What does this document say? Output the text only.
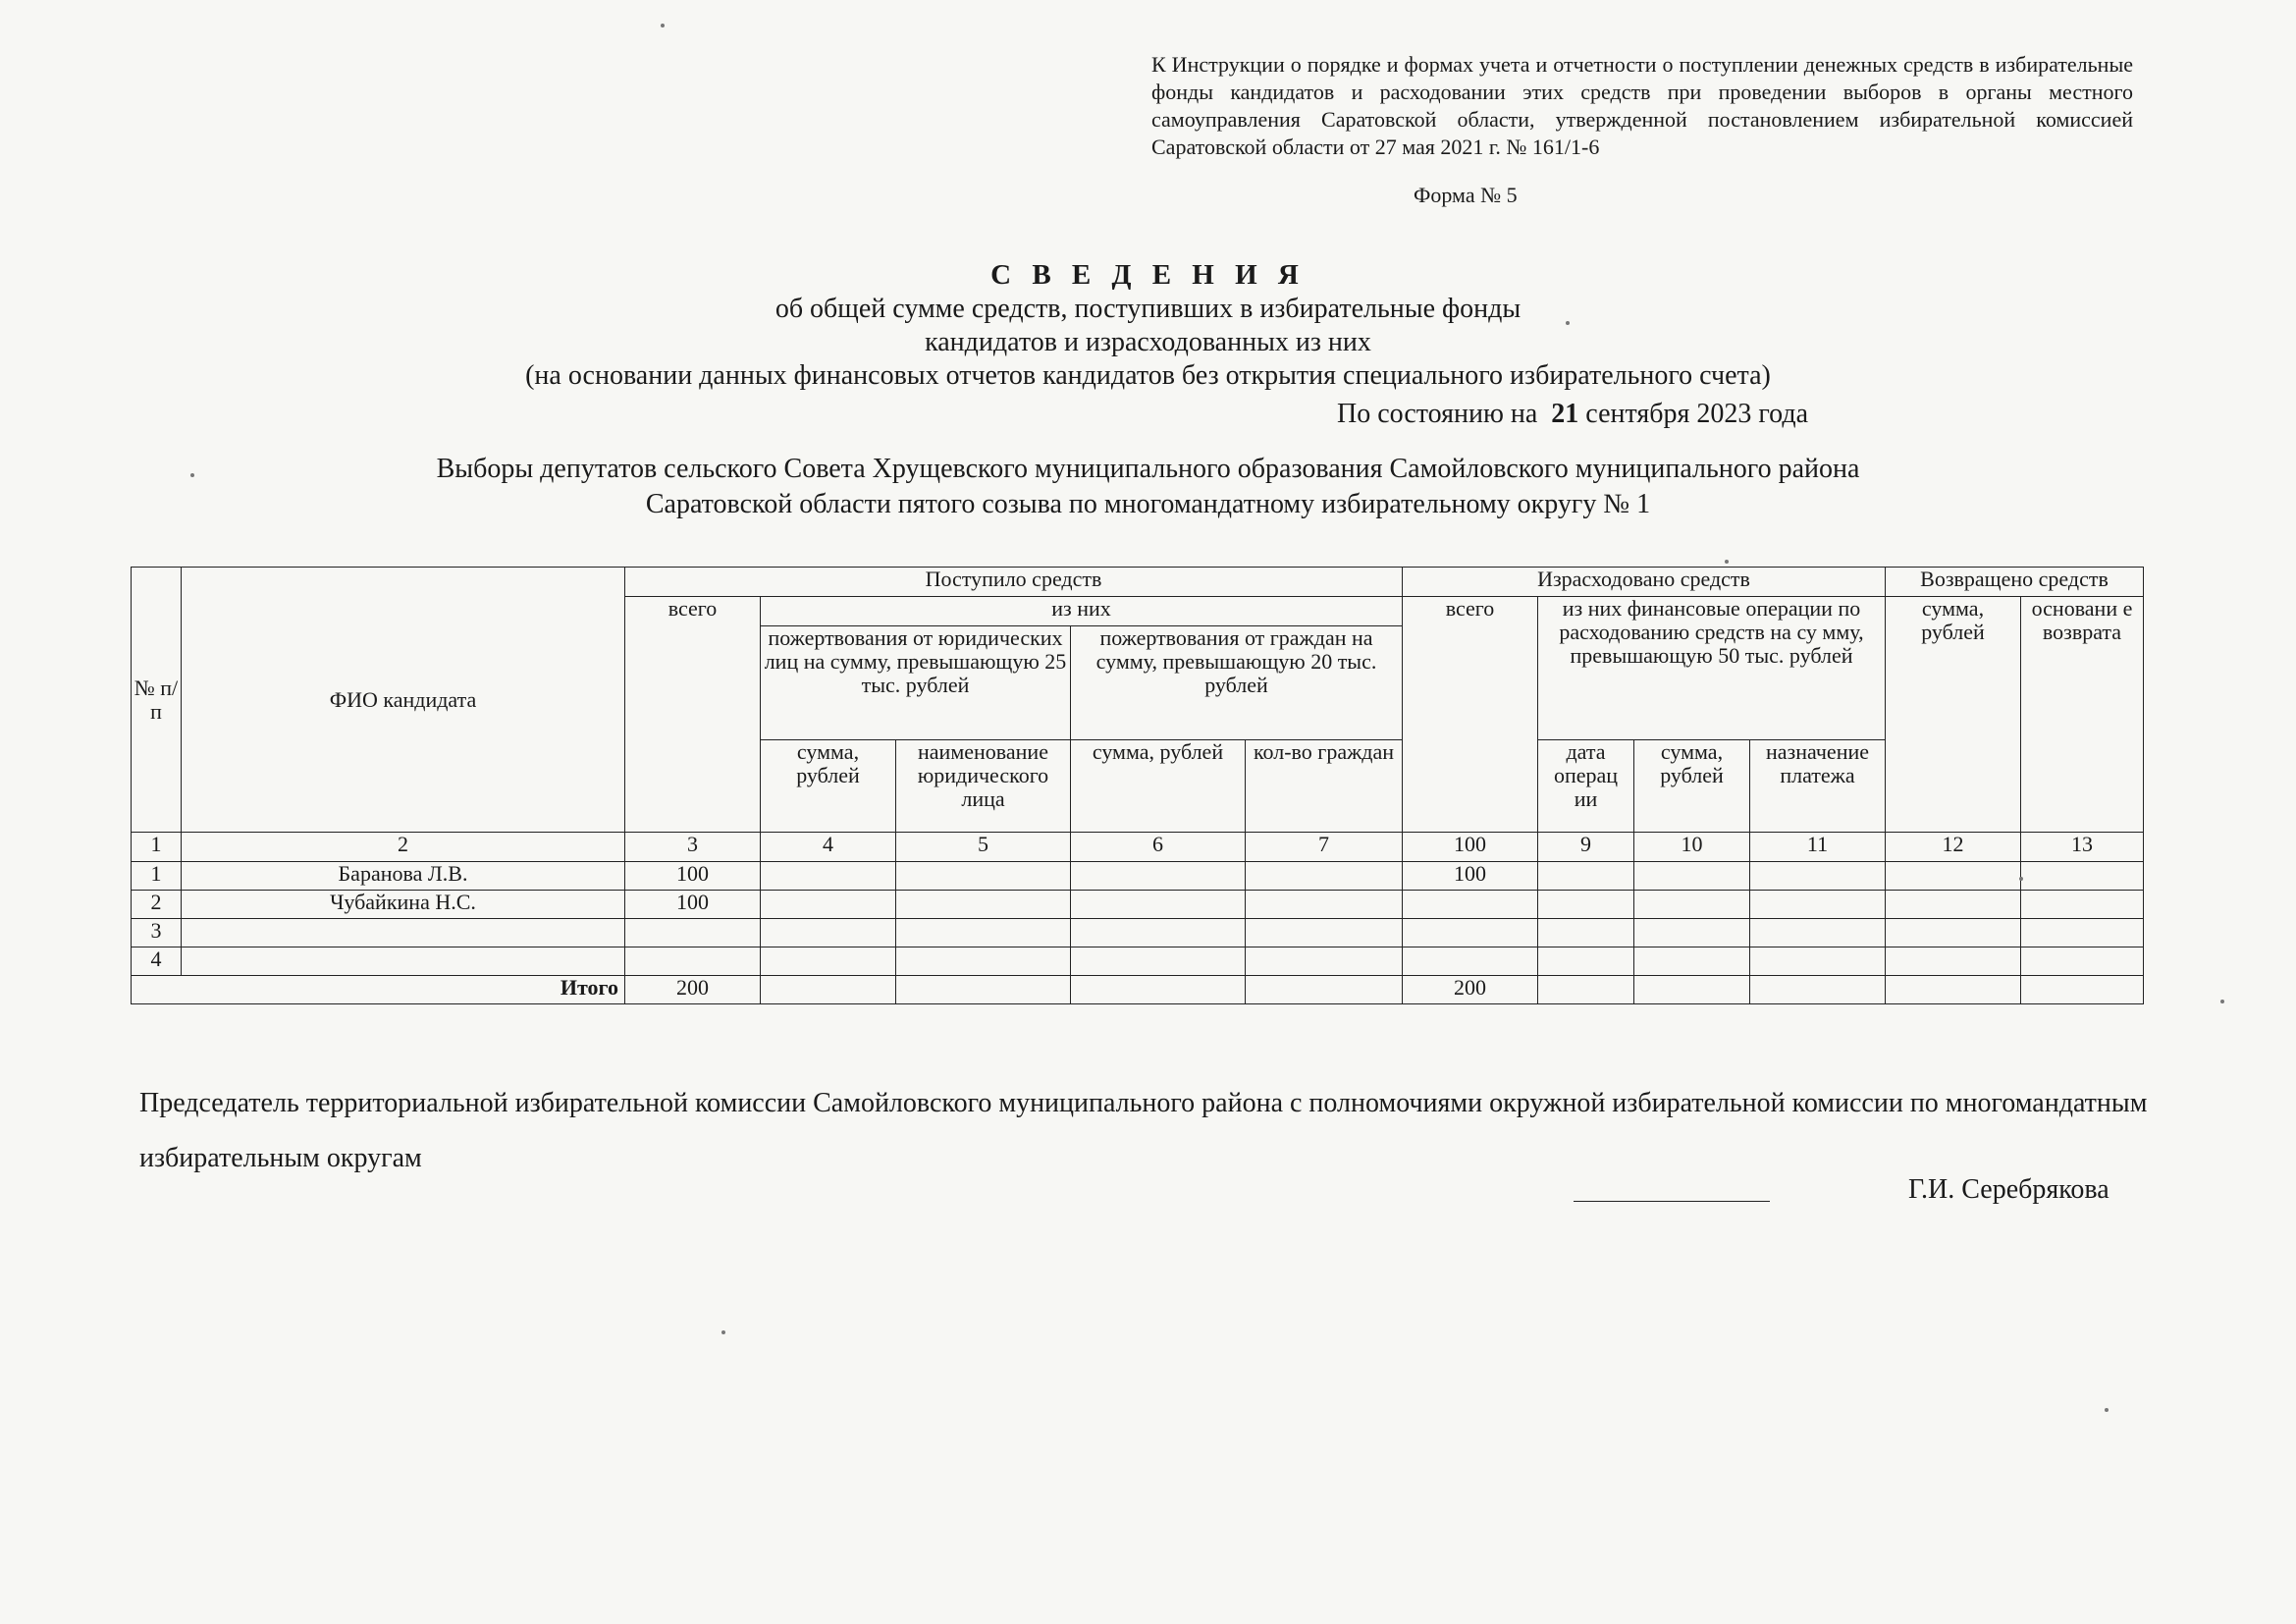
К Инструкции о порядке и формах учета и отчетности о поступлении денежных средств в избирательные фонды кандидатов и расходовании этих средств при проведении выборов в органы местного самоуправления Саратовской области, утвержденной постановлением избирательной комиссией Саратовской области от 27 мая 2021 г. № 161/1-6
Форма № 5
С В Е Д Е Н И Я
об общей сумме средств, поступивших в избирательные фонды
кандидатов и израсходованных из них
(на основании данных финансовых отчетов кандидатов без открытия специального избирательного счета)
По состоянию на 21 сентября 2023 года
Выборы депутатов сельского Совета Хрущевского муниципального образования Самойловского муниципального района
Саратовской области пятого созыва по многомандатному избирательному округу № 1
№ п/п	ФИО кандидата	Поступило средств					Израсходовано средств				Возвращено средств	
		всего	из них				всего	из них финансовые операции по расходованию средств на су мму, превышающую 50 тыс. рублей			сумма, рублей	основани е возврата
			пожертвования от юридических лиц на сумму, превышающую 25 тыс. рублей		пожертвования от граждан на сумму, превышающую 20 тыс. рублей							
			сумма, рублей	наименование юридического лица	сумма, рублей	кол-во граждан		дата операц ии	сумма, рублей	назначение платежа		
1	2	3	4	5	6	7	100	9	10	11	12	13
1	Баранова Л.В.	100					100					
2	Чубайкина Н.С.	100										
3												
4												
Итого		200					200					
Председатель территориальной избирательной комиссии Самойловского муниципального района с полномочиями окружной избирательной комиссии по многомандатным избирательным округам
Г.И. Серебрякова
